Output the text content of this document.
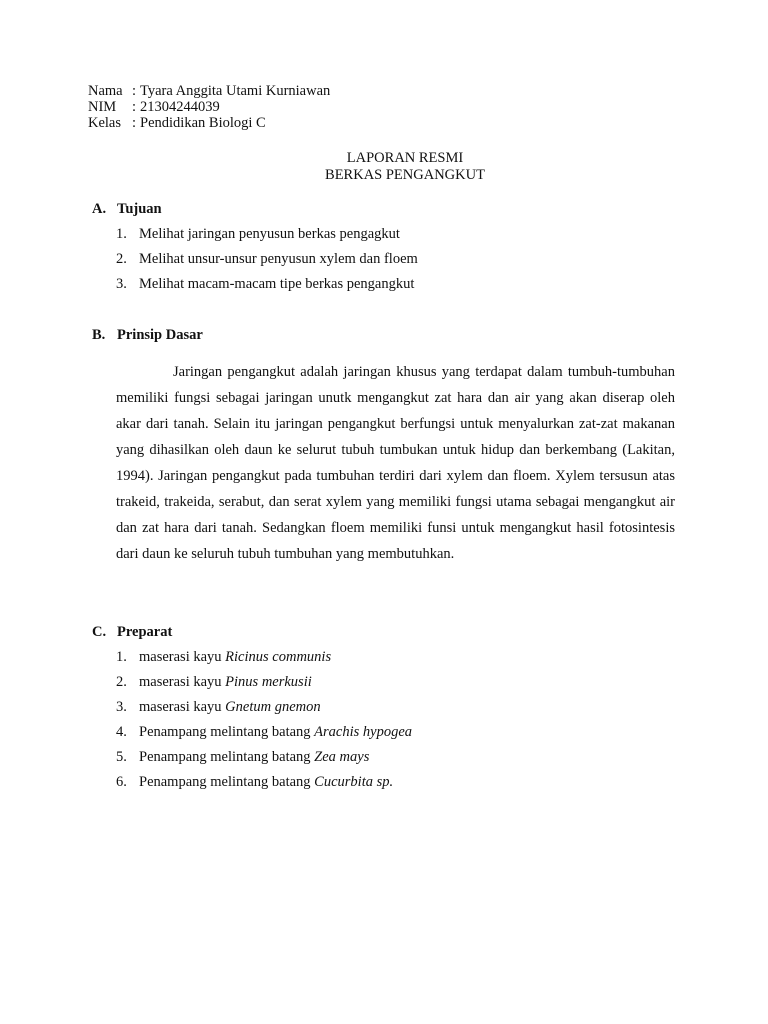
Nama : Tyara Anggita Utami Kurniawan
NIM	: 21304244039
Kelas : Pendidikan Biologi C
LAPORAN RESMI
BERKAS PENGANGKUT
A. Tujuan
1. Melihat jaringan penyusun berkas pengagkut
2. Melihat unsur-unsur penyusun xylem dan floem
3. Melihat macam-macam tipe berkas pengangkut
B. Prinsip Dasar

Jaringan pengangkut adalah jaringan khusus yang terdapat dalam tumbuh-tumbuhan memiliki fungsi sebagai jaringan unutk mengangkut zat hara dan air yang akan diserap oleh akar dari tanah. Selain itu jaringan pengangkut berfungsi untuk menyalurkan zat-zat makanan yang dihasilkan oleh daun ke selurut tubuh tumbukan untuk hidup dan berkembang (Lakitan, 1994). Jaringan pengangkut pada tumbuhan terdiri dari xylem dan floem. Xylem tersusun atas trakeid, trakeida, serabut, dan serat xylem yang memiliki fungsi utama sebagai mengangkut air dan zat hara dari tanah. Sedangkan floem memiliki funsi untuk mengangkut hasil fotosintesis dari daun ke seluruh tubuh tumbuhan yang membutuhkan.

C. Preparat
1. maserasi kayu Ricinus communis
2. maserasi kayu Pinus merkusii
3. maserasi kayu Gnetum gnemon
4. Penampang melintang batang Arachis hypogea
5. Penampang melintang batang Zea mays
6. Penampang melintang batang Cucurbita sp.
